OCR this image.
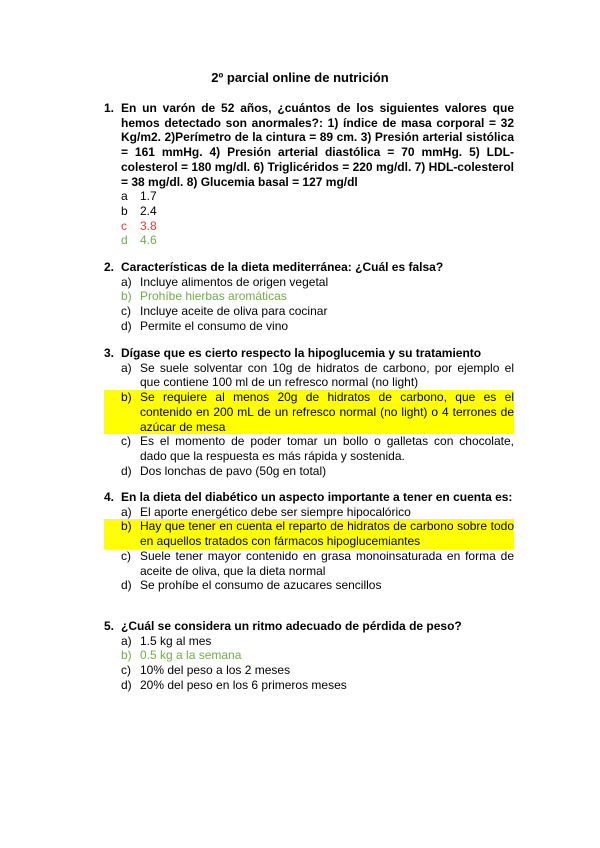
2º parcial online de nutrición
1. En un varón de 52 años, ¿cuántos de los siguientes valores que hemos detectado son anormales?: 1) índice de masa corporal = 32 Kg/m2. 2)Perímetro de la cintura = 89 cm. 3) Presión arterial sistólica = 161 mmHg. 4) Presión arterial diastólica = 70 mmHg. 5) LDL-colesterol = 180 mg/dl. 6) Triglicéridos = 220 mg/dl. 7) HDL-colesterol = 38 mg/dl. 8) Glucemia basal = 127 mg/dl
a	1.7
b	2.4
c	3.8
d	4.6
2. Características de la dieta mediterránea: ¿Cuál es falsa?
a) Incluye alimentos de origen vegetal
b) Prohíbe hierbas aromáticas
c) Incluye aceite de oliva para cocinar
d) Permite el consumo de vino
3. Dígase que es cierto respecto la hipoglucemia y su tratamiento
a) Se suele solventar con 10g de hidratos de carbono, por ejemplo el que contiene 100 ml de un refresco normal (no light)
b) Se requiere al menos 20g de hidratos de carbono, que es el contenido en 200 mL de un refresco normal (no light) o 4 terrones de azúcar de mesa
c) Es el momento de poder tomar un bollo o galletas con chocolate, dado que la respuesta es más rápida y sostenida.
d) Dos lonchas de pavo (50g en total)
4. En la dieta del diabético un aspecto importante a tener en cuenta es:
a) El aporte energético debe ser siempre hipocalórico
b) Hay que tener en cuenta el reparto de hidratos de carbono sobre todo en aquellos tratados con fármacos hipoglucemiantes
c) Suele tener mayor contenido en grasa monoinsaturada en forma de aceite de oliva, que la dieta normal
d) Se prohíbe el consumo de azucares sencillos
5. ¿Cuál se considera un ritmo adecuado de pérdida de peso?
a) 1.5 kg al mes
b) 0.5 kg a la semana
c) 10% del peso a los 2 meses
d) 20% del peso en los 6 primeros meses
